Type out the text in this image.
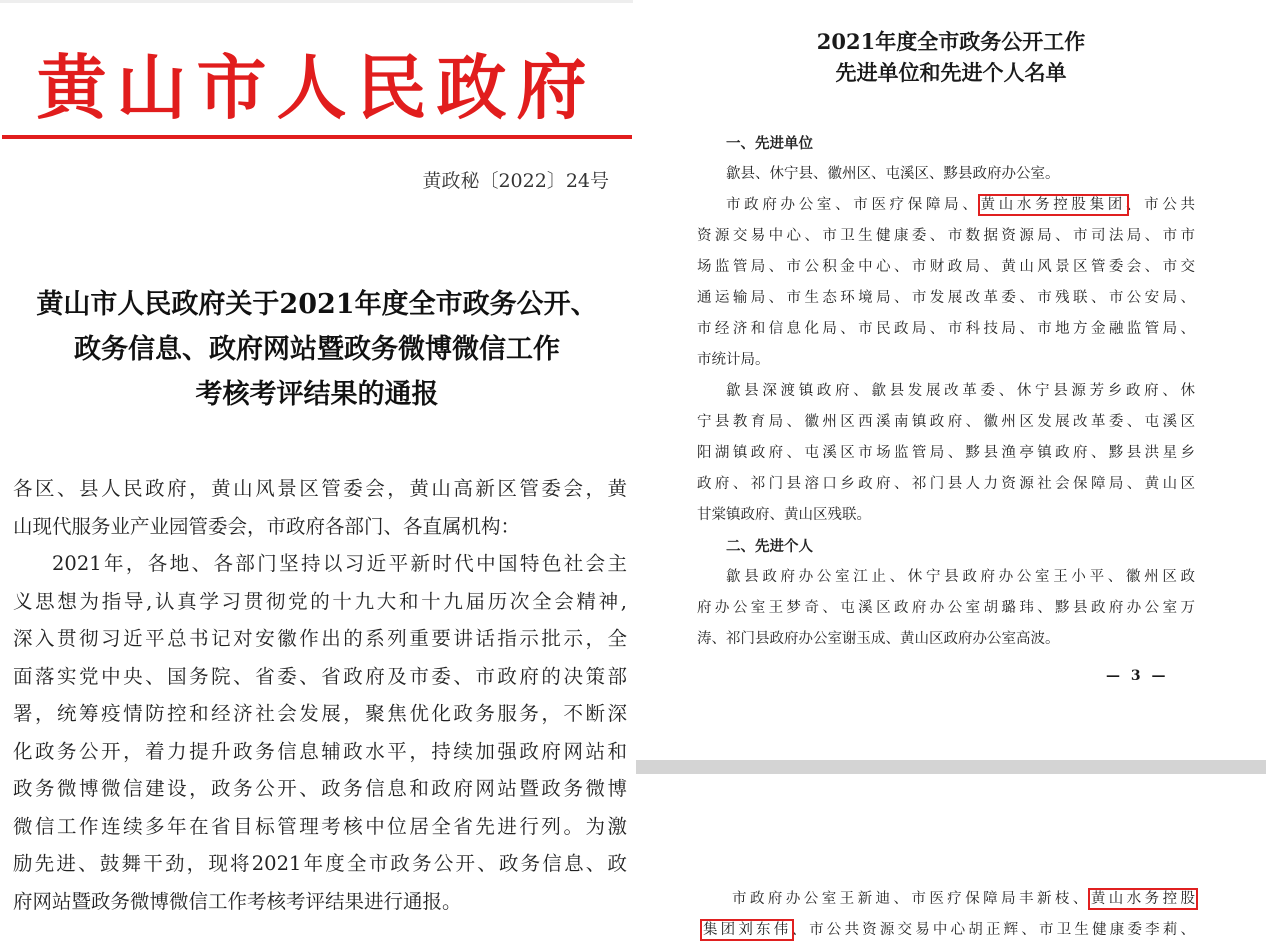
黄山市人民政府
黄政秘〔2022〕24号
黄山市人民政府关于2021年度全市政务公开、
政务信息、政府网站暨政务微博微信工作
考核考评结果的通报

各区、县人民政府，黄山风景区管委会，黄山高新区管委会，黄

山现代服务业产业园管委会，市政府各部门、各直属机构：

2021年，各地、各部门坚持以习近平新时代中国特色社会主

义思想为指导,认真学习贯彻党的十九大和十九届历次全会精神,

深入贯彻习近平总书记对安徽作出的系列重要讲话指示批示，全

面落实党中央、国务院、省委、省政府及市委、市政府的决策部

署，统筹疫情防控和经济社会发展，聚焦优化政务服务，不断深

化政务公开，着力提升政务信息辅政水平，持续加强政府网站和

政务微博微信建设，政务公开、政务信息和政府网站暨政务微博

微信工作连续多年在省目标管理考核中位居全省先进行列。为激

励先进、鼓舞干劲，现将2021年度全市政务公开、政务信息、政

府网站暨政务微博微信工作考核考评结果进行通报。

2021年度全市政务公开工作
先进单位和先进个人名单

一、先进单位

歙县、休宁县、徽州区、屯溪区、黟县政府办公室。

市政府办公室、市医疗保障局、黄山水务控股集团、市公共

资源交易中心、市卫生健康委、市数据资源局、市司法局、市市

场监管局、市公积金中心、市财政局、黄山风景区管委会、市交

通运输局、市生态环境局、市发展改革委、市残联、市公安局、

市经济和信息化局、市民政局、市科技局、市地方金融监管局、

市统计局。

歙县深渡镇政府、歙县发展改革委、休宁县源芳乡政府、休

宁县教育局、徽州区西溪南镇政府、徽州区发展改革委、屯溪区

阳湖镇政府、屯溪区市场监管局、黟县渔亭镇政府、黟县洪星乡

政府、祁门县溶口乡政府、祁门县人力资源社会保障局、黄山区

甘棠镇政府、黄山区残联。

二、先进个人

歙县政府办公室江止、休宁县政府办公室王小平、徽州区政

府办公室王梦奇、屯溪区政府办公室胡璐玮、黟县政府办公室万

涛、祁门县政府办公室谢玉成、黄山区政府办公室高波。

— 3 —

市政府办公室王新迪、市医疗保障局丰新枝、黄山水务控股

集团刘东伟、市公共资源交易中心胡正辉、市卫生健康委李莉、
